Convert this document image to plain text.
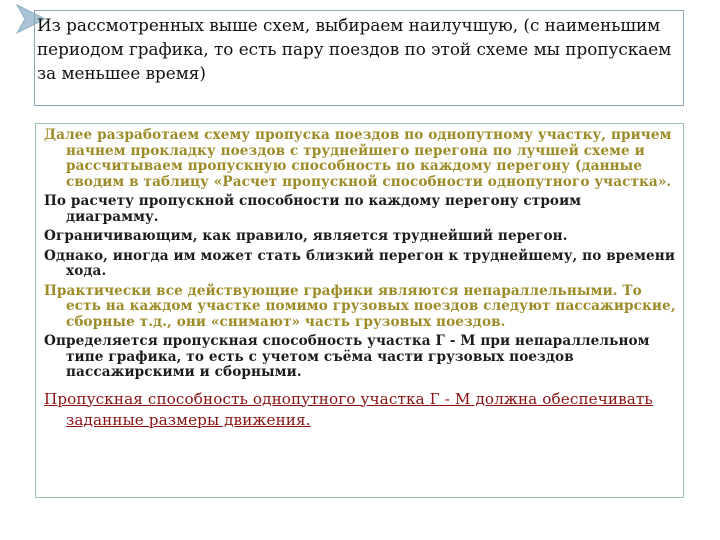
Из рассмотренных выше схем, выбираем наилучшую, (с наименьшим периодом графика, то есть пару поездов по этой схеме мы пропускаем за меньшее время)

Далее разработаем схему пропуска поездов по однопутному участку, причем начнем прокладку поездов с труднейшего перегона по лучшей схеме и рассчитываем пропускную способность по каждому перегону (данные сводим в таблицу «Расчет пропускной способности однопутного участка».

По расчету пропускной способности по каждому перегону строим диаграмму.

Ограничивающим, как правило, является труднейший перегон.

Однако, иногда им может стать близкий перегон к труднейшему, по времени хода.

Практически все действующие графики являются непараллельными. То есть на каждом участке помимо грузовых поездов следуют пассажирские, сборные т.д., они «снимают» часть грузовых поездов.

Определяется пропускная способность участка Г - М при непараллельном типе графика, то есть с учетом съёма части грузовых поездов пассажирскими и сборными.

Пропускная способность однопутного участка Г - М должна обеспечивать заданные размеры движения.
